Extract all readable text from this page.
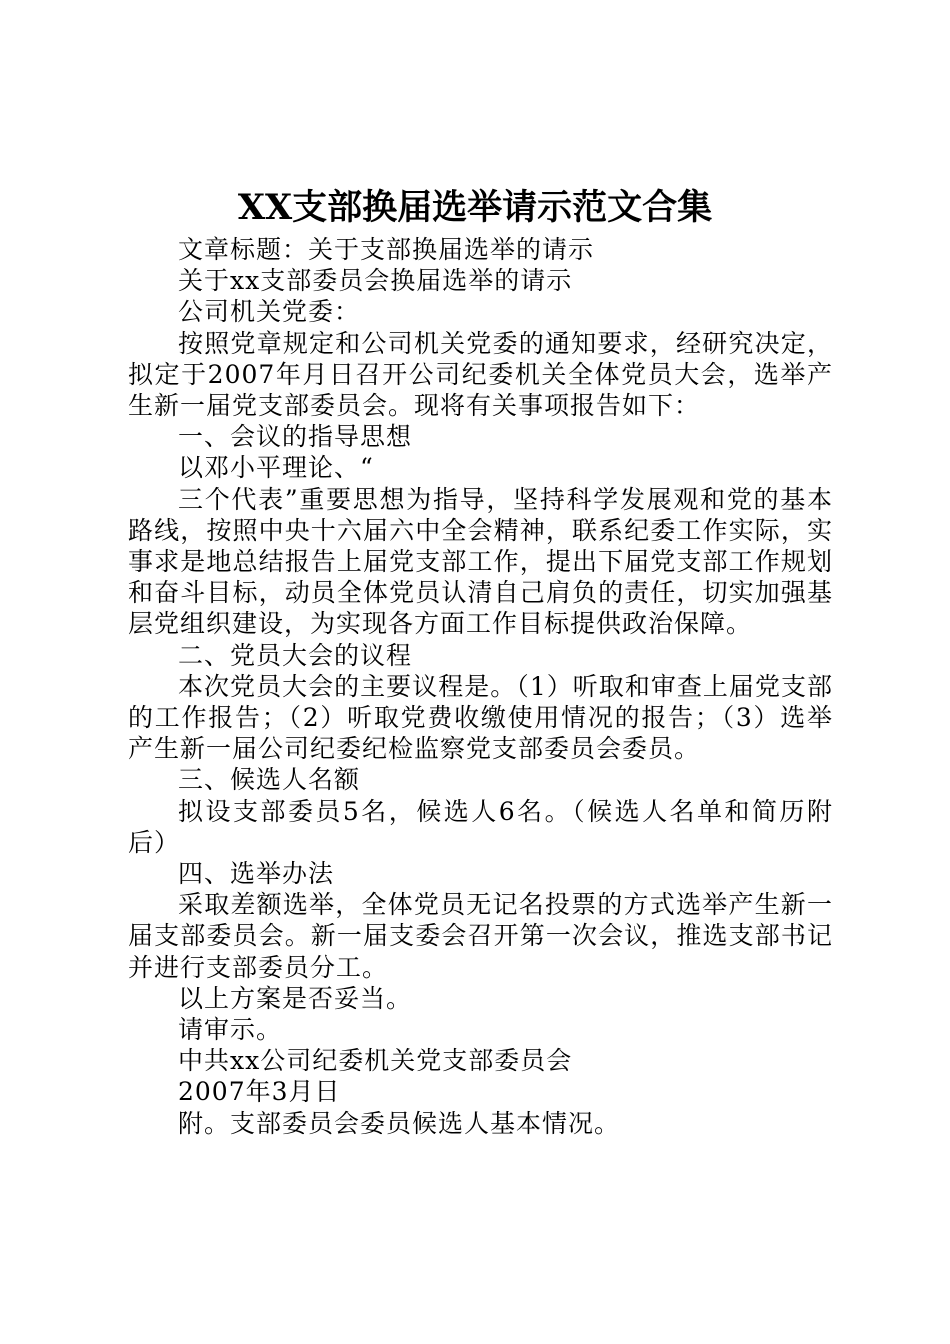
XX支部换届选举请示范文合集

文章标题：关于支部换届选举的请示

关于xx支部委员会换届选举的请示

公司机关党委：

按照党章规定和公司机关党委的通知要求，经研究决定，拟定于2007年月日召开公司纪委机关全体党员大会，选举产生新一届党支部委员会。现将有关事项报告如下：

一、会议的指导思想

以邓小平理论、“

三个代表”重要思想为指导，坚持科学发展观和党的基本路线，按照中央十六届六中全会精神，联系纪委工作实际，实事求是地总结报告上届党支部工作，提出下届党支部工作规划和奋斗目标，动员全体党员认清自己肩负的责任，切实加强基层党组织建设，为实现各方面工作目标提供政治保障。

二、党员大会的议程

本次党员大会的主要议程是。（1）听取和审查上届党支部的工作报告；（2）听取党费收缴使用情况的报告；（3）选举产生新一届公司纪委纪检监察党支部委员会委员。

三、候选人名额

拟设支部委员5名，候选人6名。（候选人名单和简历附后）

四、选举办法

采取差额选举，全体党员无记名投票的方式选举产生新一届支部委员会。新一届支委会召开第一次会议，推选支部书记并进行支部委员分工。

以上方案是否妥当。

请审示。

中共xx公司纪委机关党支部委员会

2007年3月日

附。支部委员会委员候选人基本情况。
